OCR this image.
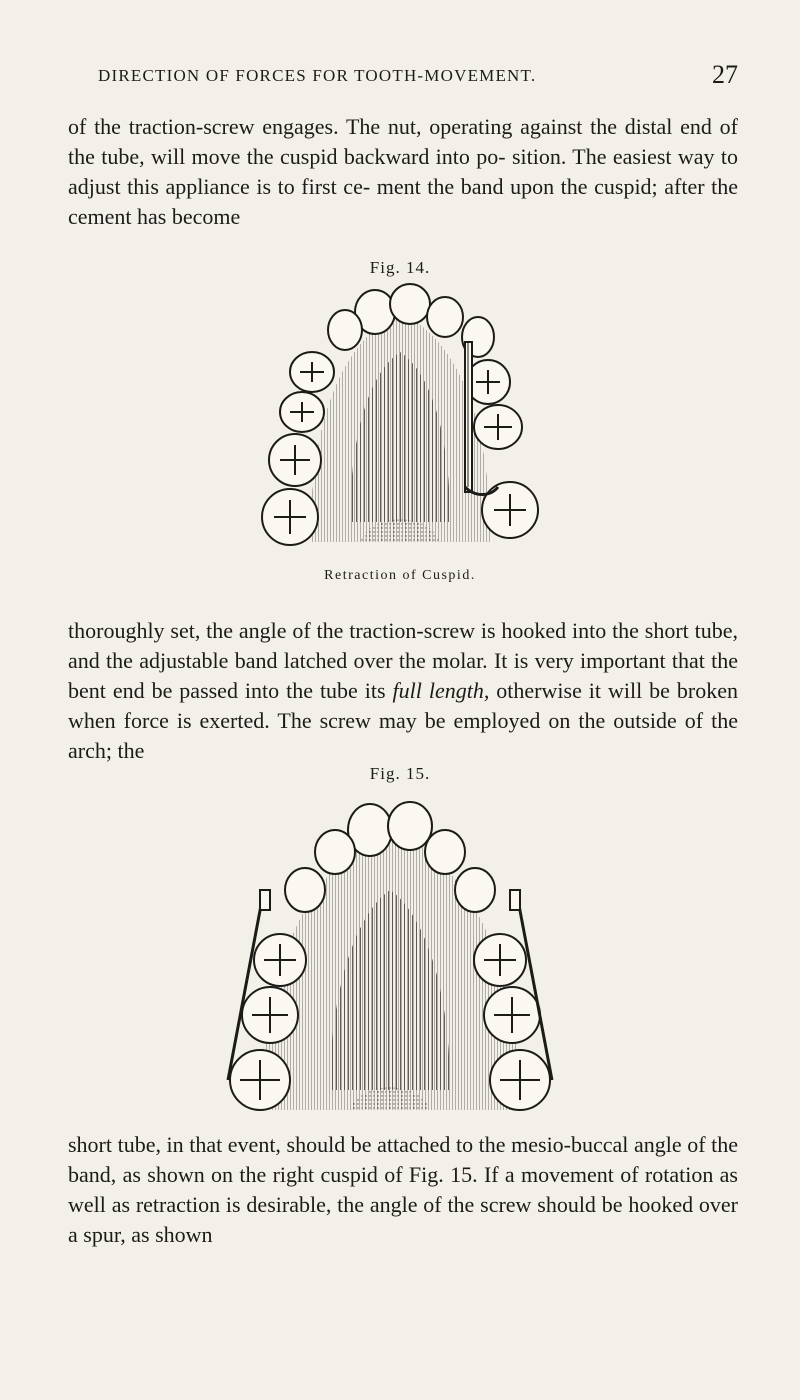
DIRECTION OF FORCES FOR TOOTH-MOVEMENT.	27

of the traction-screw engages. The nut, operating against the distal end of the tube, will move the cuspid backward into po- sition. The easiest way to adjust this appliance is to first ce- ment the band upon the cuspid; after the cement has become

Fig. 14.
Retraction of Cuspid.

thoroughly set, the angle of the traction-screw is hooked into the short tube, and the adjustable band latched over the molar. It is very important that the bent end be passed into the tube its full length, otherwise it will be broken when force is exerted. The screw may be employed on the outside of the arch; the

Fig. 15.

short tube, in that event, should be attached to the mesio-buccal angle of the band, as shown on the right cuspid of Fig. 15. If a movement of rotation as well as retraction is desirable, the angle of the screw should be hooked over a spur, as shown
